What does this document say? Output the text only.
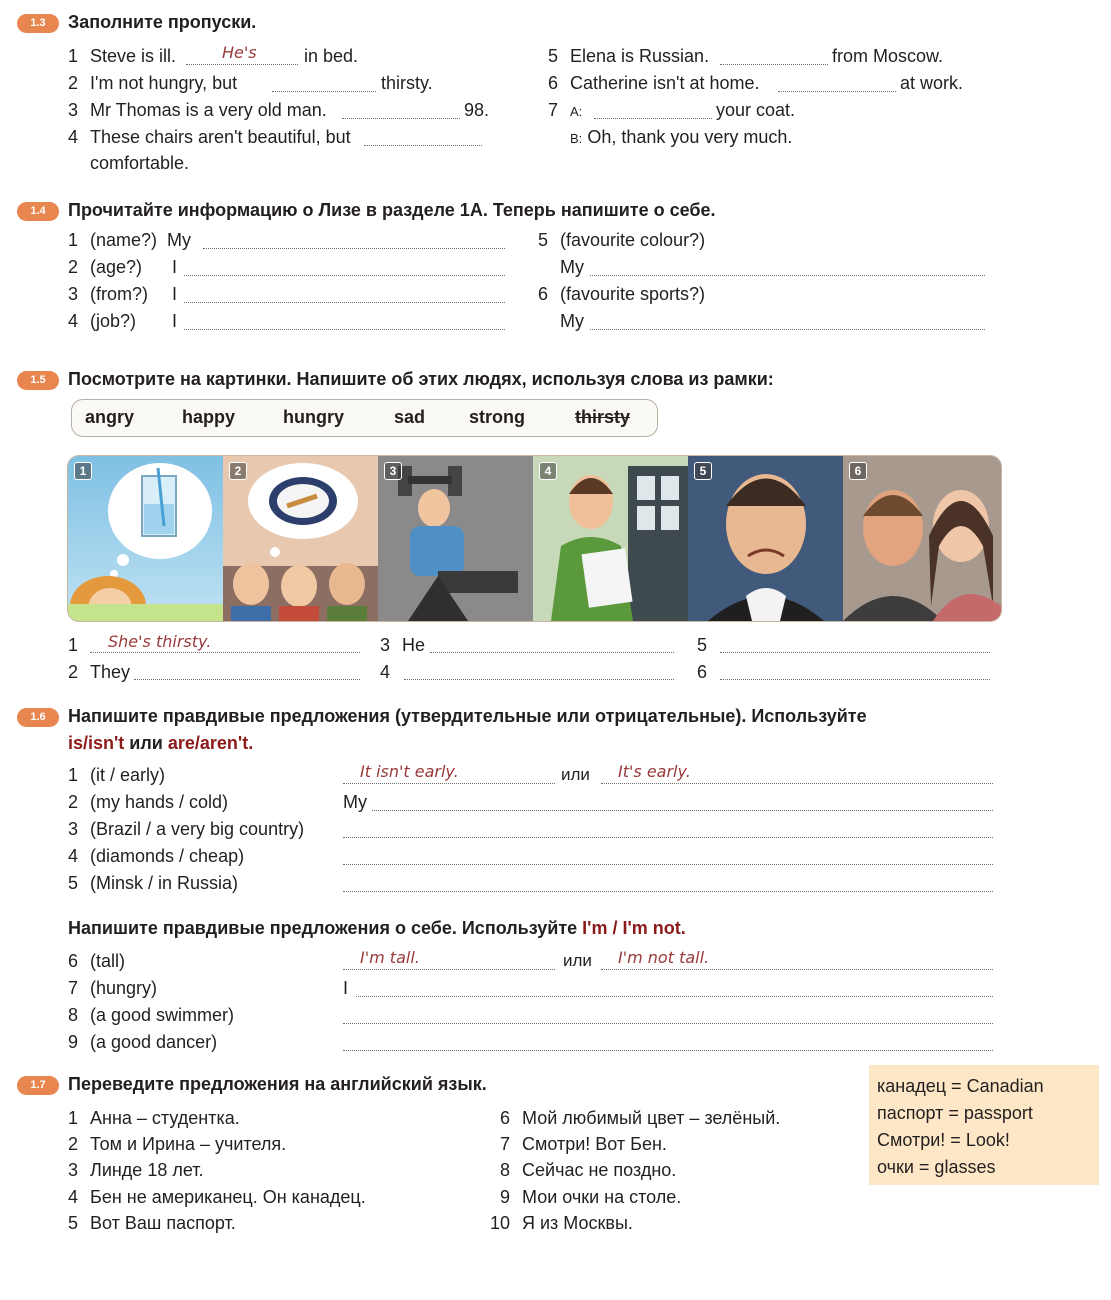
1.3	Заполните пропуски.
1 Steve is ill.	He's	in bed.
2 I'm not hungry, but	thirsty.
3 Mr Thomas is a very old man.	98.
4 These chairs aren't beautiful, but
comfortable.
5 Elena is Russian.	from Moscow.
6 Catherine isn't at home.	at work.
7 A:	your coat.
B: Oh, thank you very much.
1.4	Прочитайте информацию о Лизе в разделе 1A. Теперь напишите о себе.
1 (name?) My
2 (age?) I
3 (from?) I
4 (job?) I
5 (favourite colour?)
My
6 (favourite sports?)
My
1.5	Посмотрите на картинки. Напишите об этих людях, используя слова из рамки:
angry	happy	hungry	sad strong	thirsty
1	2	3	4	5	6
1	She's thirsty.
2 They
3 He
4
5
6
1.6	Напишите правдивые предложения (утвердительные или отрицательные). Используйте
is/isn't или are/aren't.
1 (it / early)	It isn't early.	или It's early.
2 (my hands / cold)	My
3 (Brazil / a very big country)
4 (diamonds / cheap)
5 (Minsk / in Russia)
Напишите правдивые предложения о себе. Используйте I'm / I'm not.
6 (tall)	I'm tall.	или I'm not tall.
7 (hungry)	I
8 (a good swimmer)
9 (a good dancer)
1.7	Переведите предложения на английский язык.
1 Анна – студентка.
2 Том и Ирина – учителя.
3 Линде 18 лет.
4 Бен не американец. Он канадец.
5 Вот Ваш паспорт.
6 Мой любимый цвет – зелёный.
7 Смотри! Вот Бен.
8 Сейчас не поздно.
9 Мои очки на столе.
10 Я из Москвы.
канадец = Canadian
паспорт = passport
Смотри! = Look!
очки = glasses
